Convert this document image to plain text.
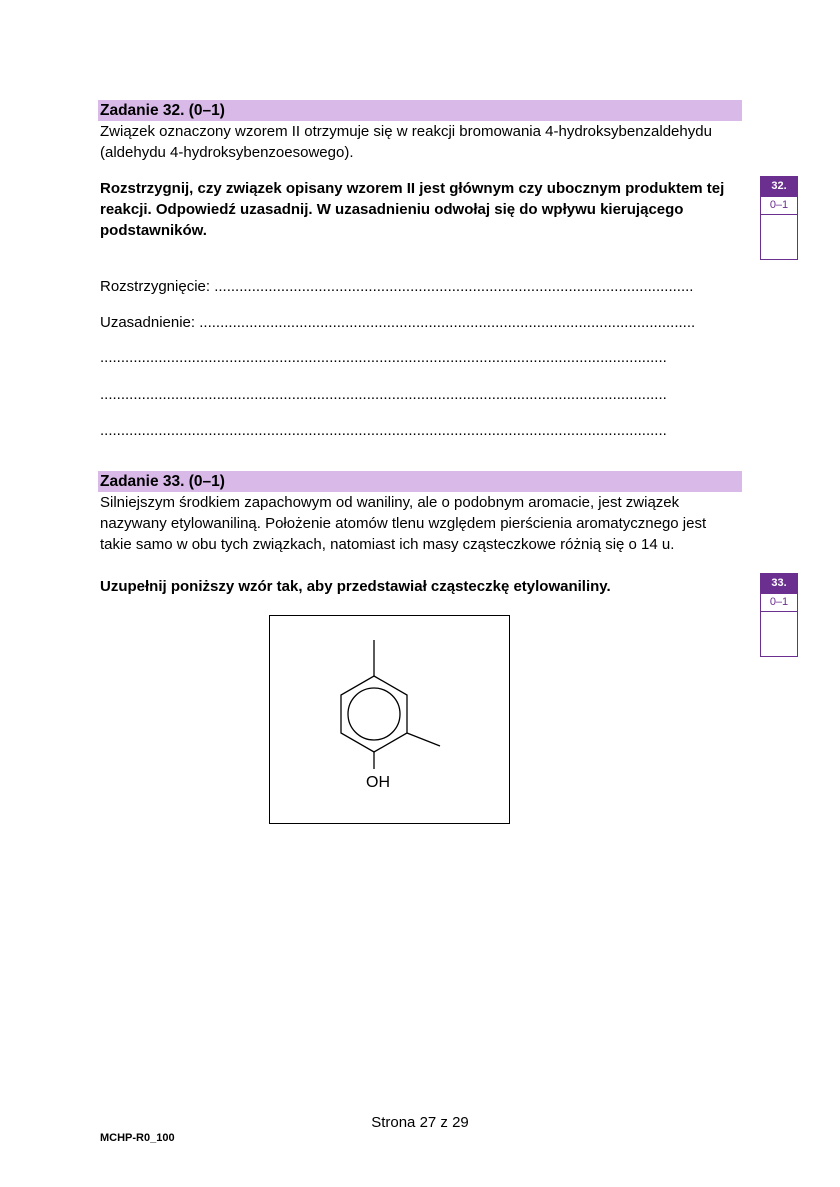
Zadanie 32. (0–1)
Związek oznaczony wzorem II otrzymuje się w reakcji bromowania 4-hydroksybenzaldehydu
(aldehydu 4-hydroksybenzoesowego).
Rozstrzygnij, czy związek opisany wzorem II jest głównym czy ubocznym produktem tej
reakcji. Odpowiedź uzasadnij. W uzasadnieniu odwołaj się do wpływu kierującego
podstawników.
32.
0–1
Rozstrzygnięcie: ...................................................................................................................
Uzasadnienie: .......................................................................................................................
........................................................................................................................................
........................................................................................................................................
........................................................................................................................................
Zadanie 33. (0–1)
Silniejszym środkiem zapachowym od waniliny, ale o podobnym aromacie, jest związek
nazywany etylowaniliną. Położenie atomów tlenu względem pierścienia aromatycznego jest
takie samo w obu tych związkach, natomiast ich masy cząsteczkowe różnią się o 14 u.
Uzupełnij poniższy wzór tak, aby przedstawiał cząsteczkę etylowaniliny.	33.
0–1
OH
Strona 27 z 29
MCHP-R0_100
